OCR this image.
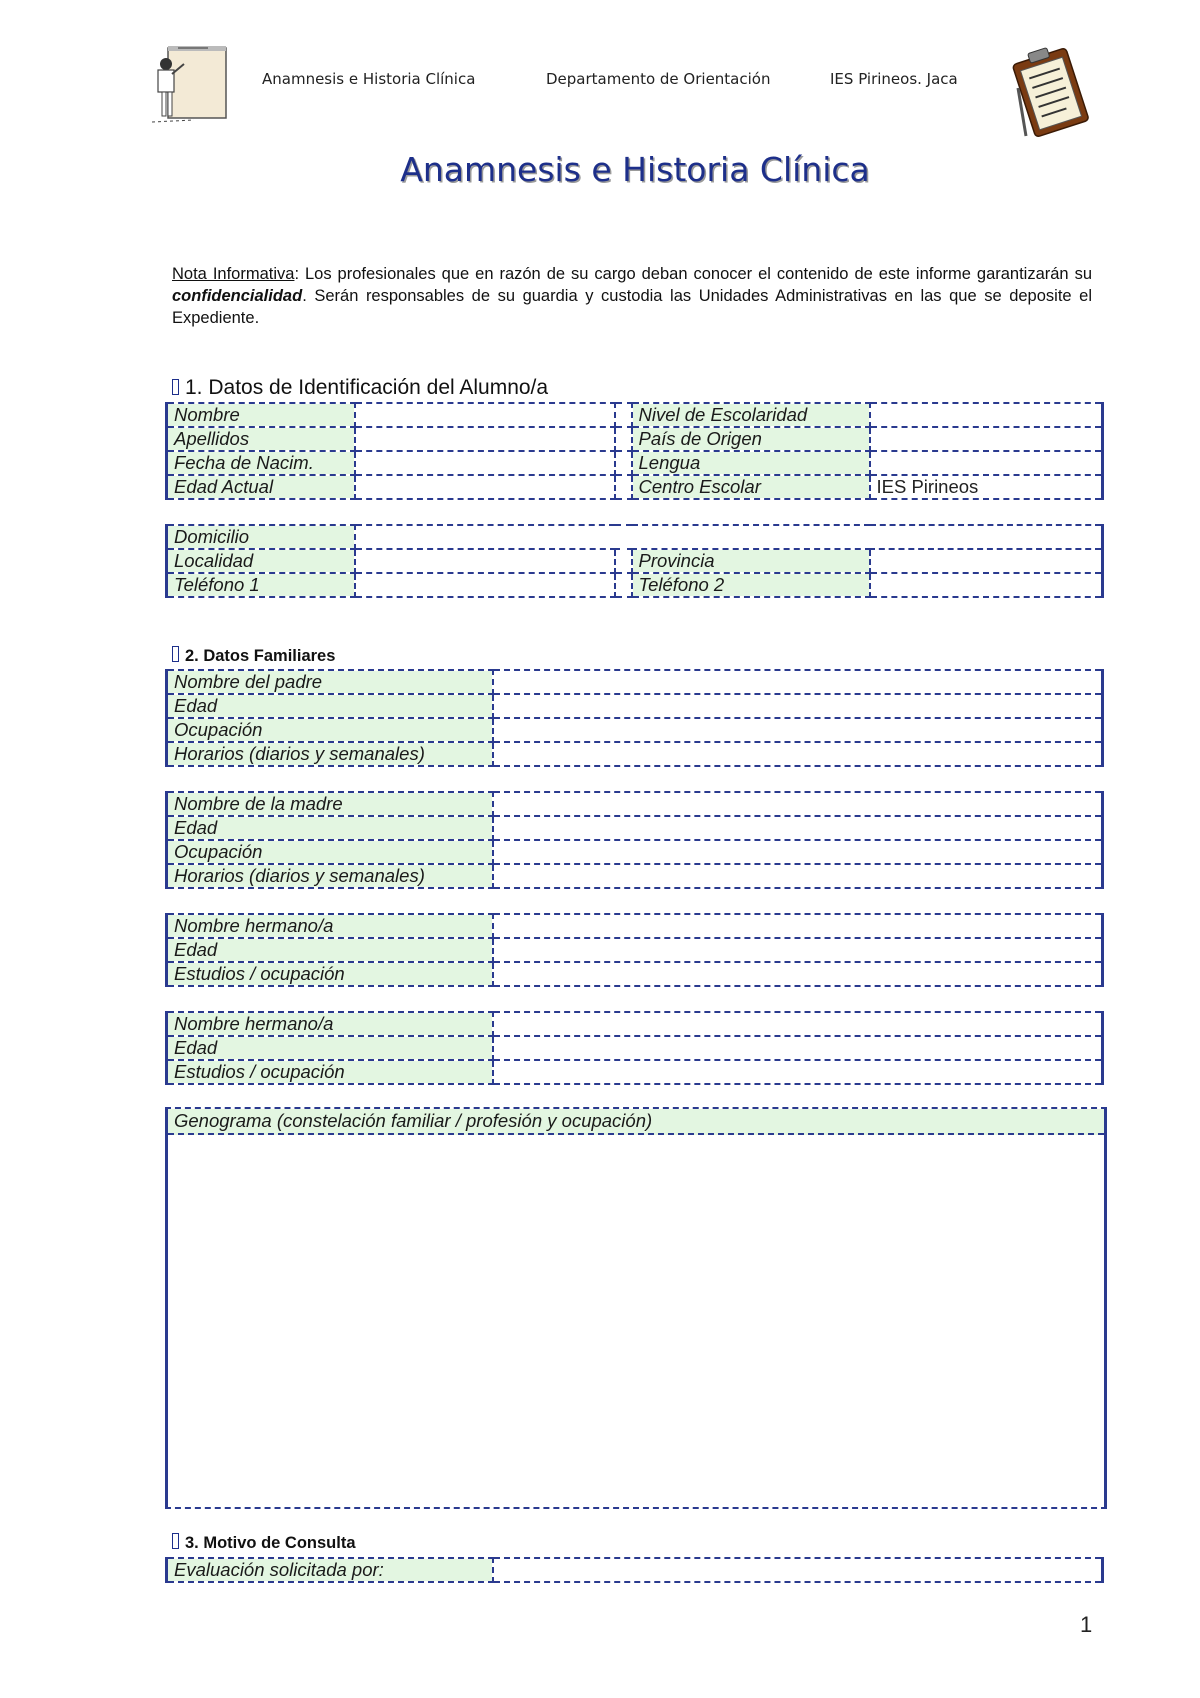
Anamnesis e Historia Clínica	Departamento de Orientación	IES Pirineos. Jaca
Anamnesis e Historia Clínica
Nota Informativa: Los profesionales que en razón de su cargo deban conocer el contenido de este informe garantizarán su confidencialidad. Serán responsables de su guardia y custodia las Unidades Administrativas en las que se deposite el Expediente.
1. Datos de Identificación del Alumno/a
Nombre			Nivel de Escolaridad	
Apellidos			País de Origen	
Fecha de Nacim.			Lengua	
Edad Actual			Centro Escolar	IES Pirineos
Domicilio				
Localidad			Provincia	
Teléfono 1			Teléfono 2	
2. Datos Familiares
Nombre del padre	
Edad	
Ocupación	
Horarios (diarios y semanales)	
Nombre de la madre	
Edad	
Ocupación	
Horarios (diarios y semanales)	
Nombre hermano/a	
Edad	
Estudios / ocupación	
Nombre hermano/a	
Edad	
Estudios / ocupación	
Genograma (constelación familiar / profesión y ocupación)
3. Motivo de Consulta
Evaluación solicitada por:	
1
